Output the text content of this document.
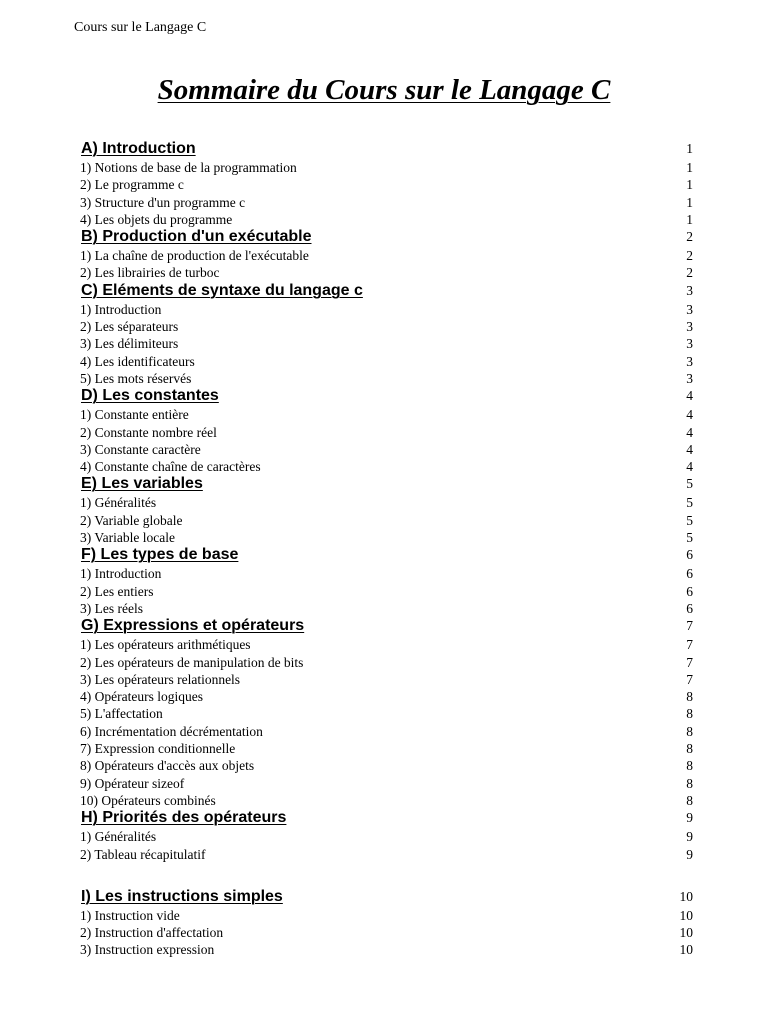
Cours sur le Langage C
Sommaire du Cours sur le Langage C
A) Introduction	1
1) Notions de base de la programmation	1
2) Le programme c	1
3) Structure d'un programme c	1
4) Les objets du programme	1
B) Production d'un exécutable	2
1) La chaîne de production de l'exécutable	2
2) Les librairies de turboc	2
C) Eléments de syntaxe du langage c	3
1) Introduction	3
2) Les séparateurs	3
3) Les délimiteurs	3
4) Les identificateurs	3
5) Les mots réservés	3
D) Les constantes	4
1) Constante entière	4
2) Constante nombre réel	4
3) Constante caractère	4
4) Constante chaîne de caractères	4
E) Les variables	5
1) Généralités	5
2) Variable globale	5
3) Variable locale	5
F) Les types de base	6
1) Introduction	6
2) Les entiers	6
3) Les réels	6
G) Expressions et opérateurs	7
1) Les opérateurs arithmétiques	7
2) Les opérateurs de manipulation de bits	7
3) Les opérateurs relationnels	7
4) Opérateurs logiques	8
5) L'affectation	8
6) Incrémentation décrémentation	8
7) Expression conditionnelle	8
8) Opérateurs d'accès aux objets	8
9) Opérateur sizeof	8
10) Opérateurs combinés	8
H) Priorités des opérateurs	9
1) Généralités	9
2) Tableau récapitulatif	9
I) Les instructions simples	10
1) Instruction vide	10
2) Instruction d'affectation	10
3) Instruction expression	10
